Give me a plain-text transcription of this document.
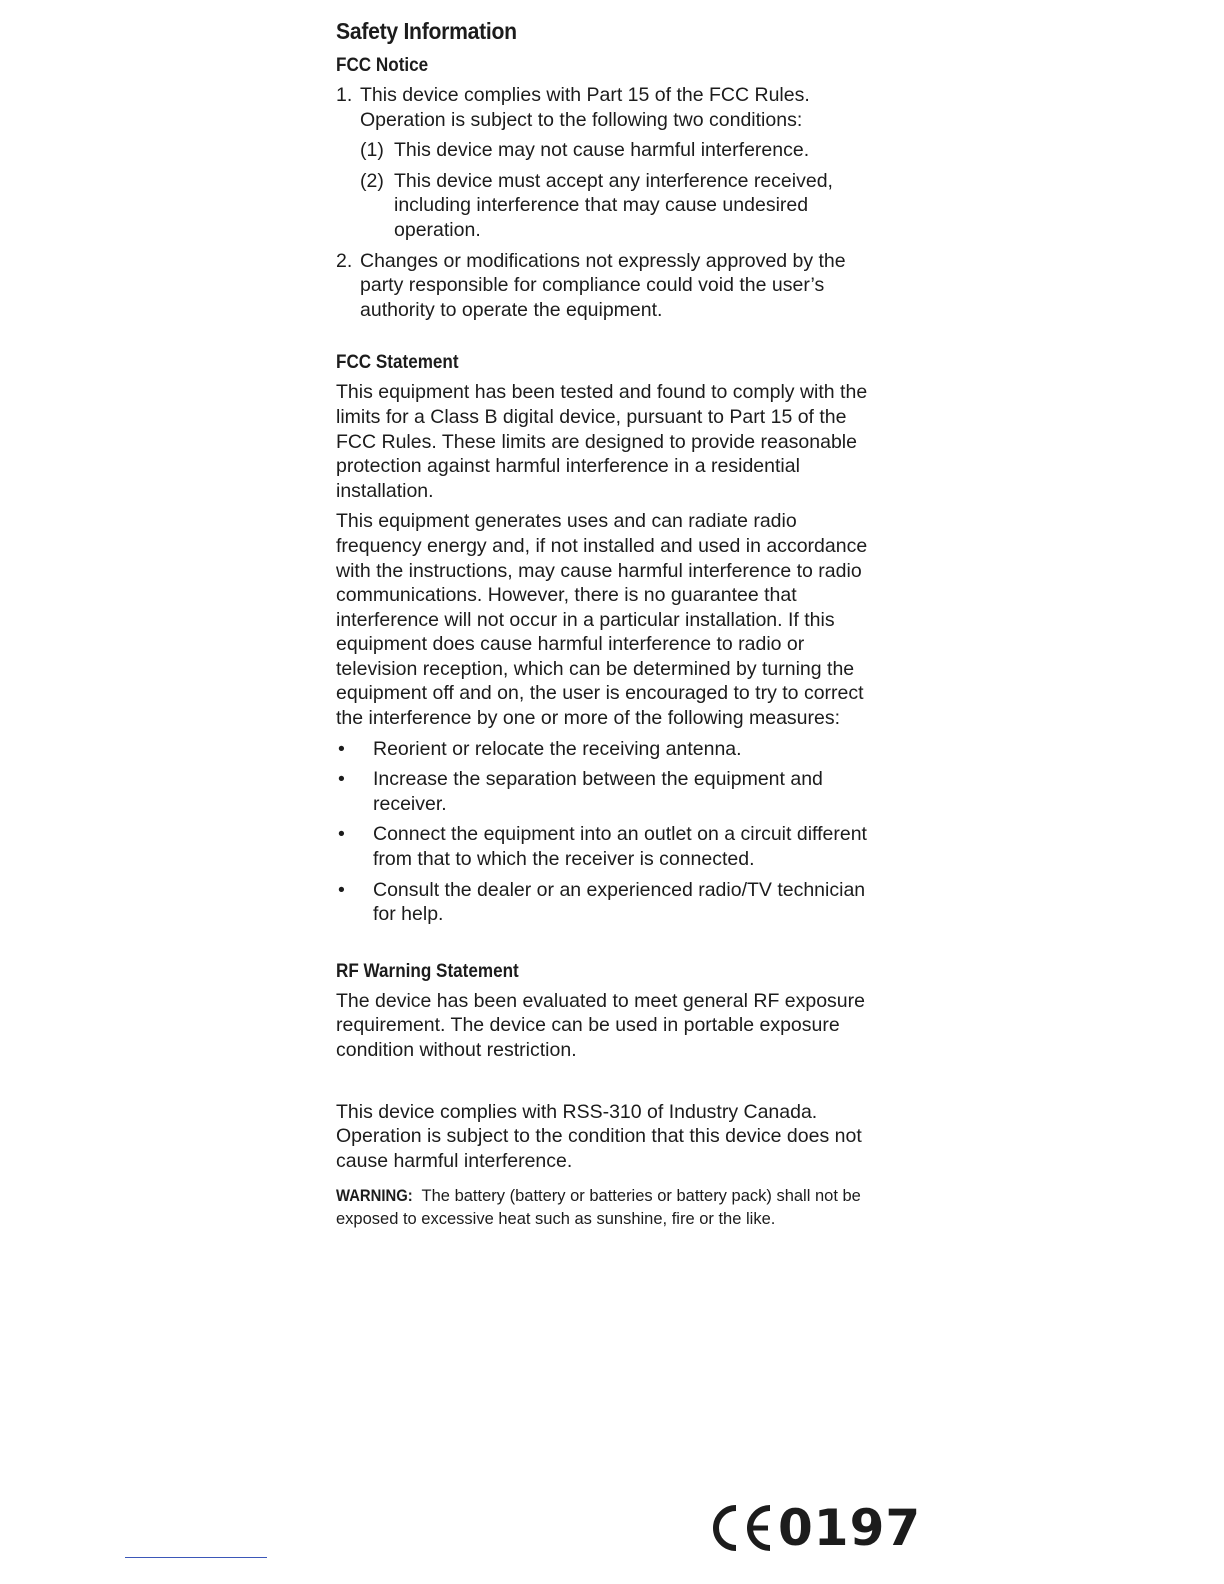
Safety Information
FCC Notice
1. This device complies with Part 15 of the FCC Rules. Operation is subject to the following two conditions:
(1) This device may not cause harmful interference.
(2) This device must accept any interference received, including interference that may cause undesired operation.
2. Changes or modifications not expressly approved by the party responsible for compliance could void the user’s authority to operate the equipment.
FCC Statement

This equipment has been tested and found to comply with the limits for a Class B digital device, pursuant to Part 15 of the FCC Rules. These limits are designed to provide reasonable protection against harmful interference in a residential installation.

This equipment generates uses and can radiate radio frequency energy and, if not installed and used in accordance with the instructions, may cause harmful interference to radio communications. However, there is no guarantee that interference will not occur in a particular installation. If this equipment does cause harmful interference to radio or television reception, which can be determined by turning the equipment off and on, the user is encouraged to try to correct the interference by one or more of the following measures:

• Reorient or relocate the receiving antenna.
• Increase the separation between the equipment and receiver.
• Connect the equipment into an outlet on a circuit different from that to which the receiver is connected.
• Consult the dealer or an experienced radio/TV technician for help.
RF Warning Statement

The device has been evaluated to meet general RF exposure requirement. The device can be used in portable exposure condition without restriction.

This device complies with RSS-310 of Industry Canada. Operation is subject to the condition that this device does not cause harmful interference.

WARNING: The battery (battery or batteries or battery pack) shall not be exposed to excessive heat such as sunshine, fire or the like.

0197
